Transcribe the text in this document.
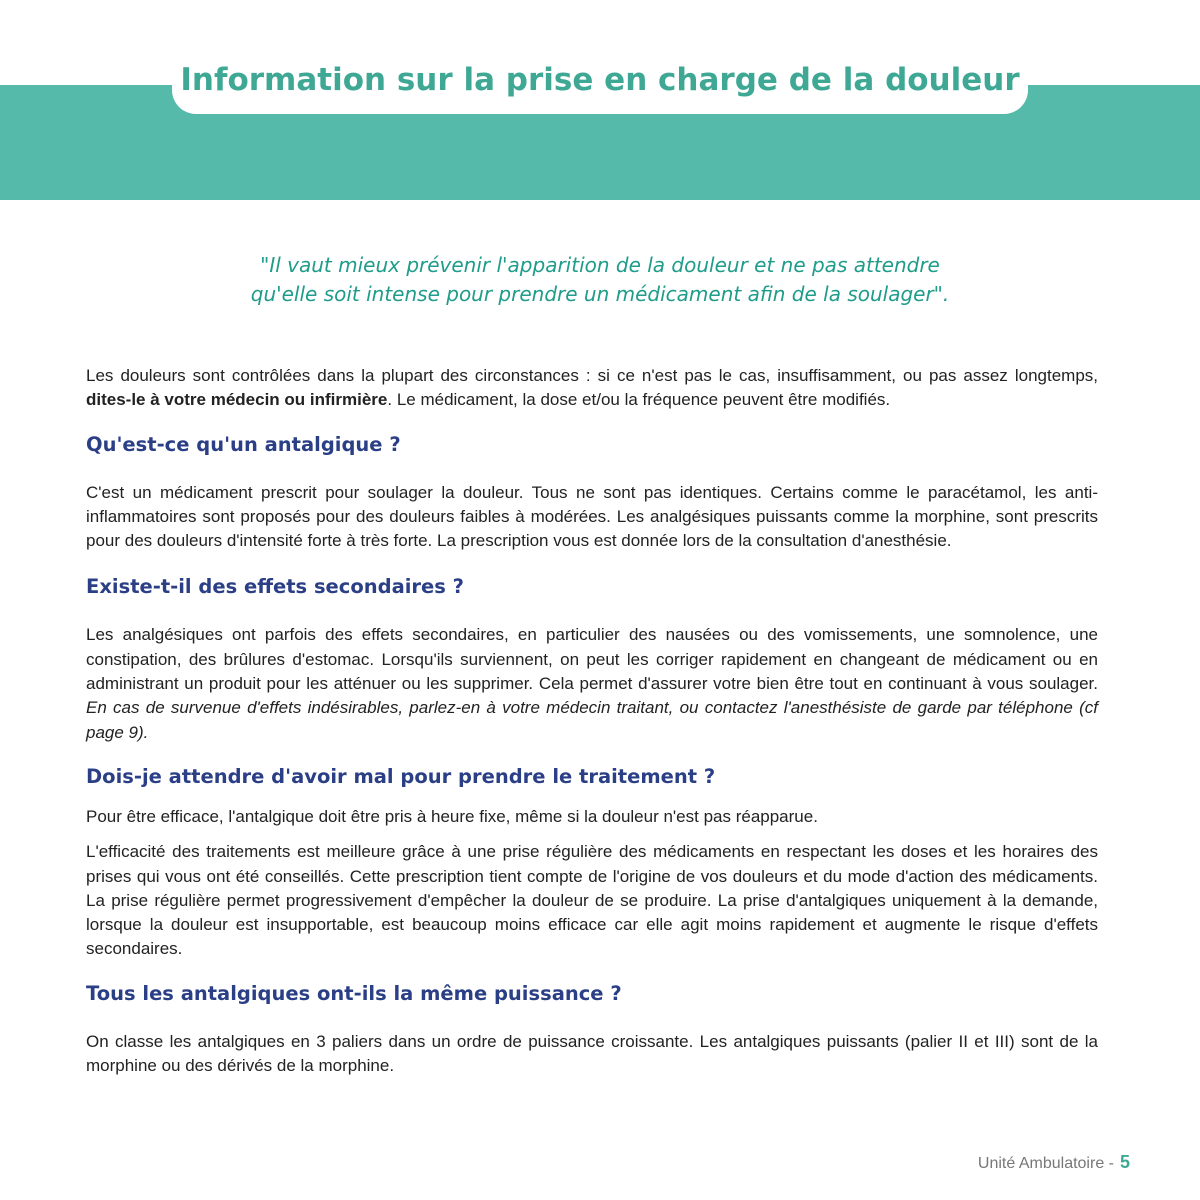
Information sur la prise en charge de la douleur
"Il vaut mieux prévenir l'apparition de la douleur et ne pas attendre
qu'elle soit intense pour prendre un médicament afin de la soulager".

Les douleurs sont contrôlées dans la plupart des circonstances : si ce n'est pas le cas, insuffisamment, ou pas assez longtemps, dites-le à votre médecin ou infirmière. Le médicament, la dose et/ou la fréquence peuvent être modifiés.

Qu'est-ce qu'un antalgique ?

C'est un médicament prescrit pour soulager la douleur. Tous ne sont pas identiques. Certains comme le paracétamol, les anti-inflammatoires sont proposés pour des douleurs faibles à modérées. Les analgésiques puissants comme la morphine, sont prescrits pour des douleurs d'intensité forte à très forte. La prescription vous est donnée lors de la consultation d'anesthésie.

Existe-t-il des effets secondaires ?

Les analgésiques ont parfois des effets secondaires, en particulier des nausées ou des vomissements, une somnolence, une constipation, des brûlures d'estomac. Lorsqu'ils surviennent, on peut les corriger rapidement en changeant de médicament ou en administrant un produit pour les atténuer ou les supprimer. Cela permet d'assurer votre bien être tout en continuant à vous soulager. En cas de survenue d'effets indésirables, parlez-en à votre médecin traitant, ou contactez l'anesthésiste de garde par téléphone (cf page 9).

Dois-je attendre d'avoir mal pour prendre le traitement ?

Pour être efficace, l'antalgique doit être pris à heure fixe, même si la douleur n'est pas réapparue.

L'efficacité des traitements est meilleure grâce à une prise régulière des médicaments en respectant les doses et les horaires des prises qui vous ont été conseillés. Cette prescription tient compte de l'origine de vos douleurs et du mode d'action des médicaments. La prise régulière permet progressivement d'empêcher la douleur de se produire. La prise d'antalgiques uniquement à la demande, lorsque la douleur est insupportable, est beaucoup moins efficace car elle agit moins rapidement et augmente le risque d'effets secondaires.

Tous les antalgiques ont-ils la même puissance ?

On classe les antalgiques en 3 paliers dans un ordre de puissance croissante. Les antalgiques puissants (palier II et III) sont de la morphine ou des dérivés de la morphine.

Unité Ambulatoire - 5
